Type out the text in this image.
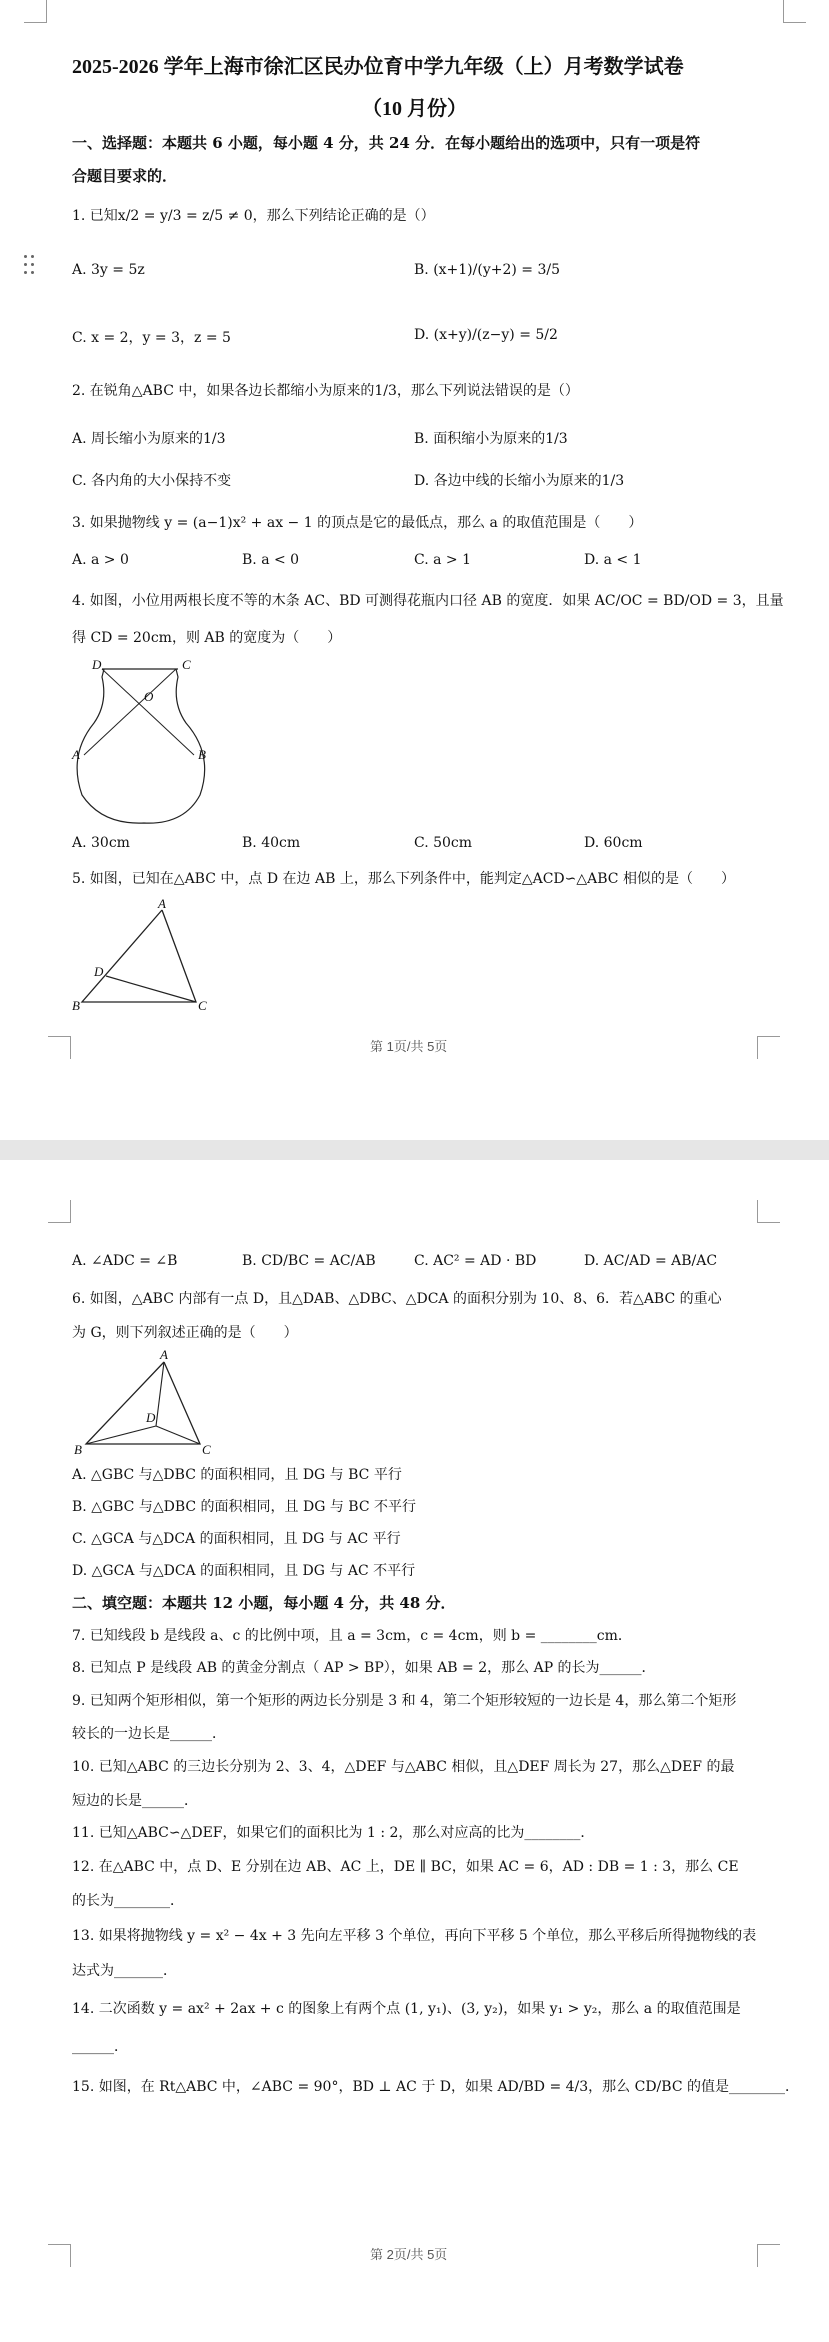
2025-2026 学年上海市徐汇区民办位育中学九年级（上）月考数学试卷
（10 月份）
一、选择题：本题共 6 小题，每小题 4 分，共 24 分．在每小题给出的选项中，只有一项是符
合题目要求的．
1. 已知x/2 = y/3 = z/5 ≠ 0，那么下列结论正确的是（）
A. 3y = 5z	B. (x+1)/(y+2) = 3/5
C. x = 2，y = 3，z = 5	D. (x+y)/(z−y) = 5/2
2. 在锐角△ABC 中，如果各边长都缩小为原来的1/3，那么下列说法错误的是（）
A. 周长缩小为原来的1/3	B. 面积缩小为原来的1/3
C. 各内角的大小保持不变	D. 各边中线的长缩小为原来的1/3
3. 如果抛物线 y = (a−1)x² + ax − 1 的顶点是它的最低点，那么 a 的取值范围是（　　）
A. a > 0	B. a < 0	C. a > 1	D. a < 1
4. 如图，小位用两根长度不等的木条 AC、BD 可测得花瓶内口径 AB 的宽度．如果 AC/OC = BD/OD = 3，且量
得 CD = 20cm，则 AB 的宽度为（　　）
D	C
O
A	B
A. 30cm	B. 40cm	C. 50cm	D. 60cm
5. 如图，已知在△ABC 中，点 D 在边 AB 上，那么下列条件中，能判定△ACD∽△ABC 相似的是（　　）
A
D
B	C
第 1页/共 5页
A. ∠ADC = ∠B	B. CD/BC = AC/AB	C. AC² = AD · BD	D. AC/AD = AB/AC
6. 如图，△ABC 内部有一点 D，且△DAB、△DBC、△DCA 的面积分别为 10、8、6．若△ABC 的重心
为 G，则下列叙述正确的是（　　）
A
D
B	C
A. △GBC 与△DBC 的面积相同，且 DG 与 BC 平行
B. △GBC 与△DBC 的面积相同，且 DG 与 BC 不平行
C. △GCA 与△DCA 的面积相同，且 DG 与 AC 平行
D. △GCA 与△DCA 的面积相同，且 DG 与 AC 不平行
二、填空题：本题共 12 小题，每小题 4 分，共 48 分．
7. 已知线段 b 是线段 a、c 的比例中项，且 a = 3cm，c = 4cm，则 b = ________cm．
8. 已知点 P 是线段 AB 的黄金分割点（ AP > BP），如果 AB = 2，那么 AP 的长为______．
9. 已知两个矩形相似，第一个矩形的两边长分别是 3 和 4，第二个矩形较短的一边长是 4，那么第二个矩形
较长的一边长是______．
10. 已知△ABC 的三边长分别为 2、3、4，△DEF 与△ABC 相似，且△DEF 周长为 27，那么△DEF 的最
短边的长是______．
11. 已知△ABC∽△DEF，如果它们的面积比为 1 : 2，那么对应高的比为________．
12. 在△ABC 中，点 D、E 分别在边 AB、AC 上，DE ∥ BC，如果 AC = 6，AD : DB = 1 : 3，那么 CE
的长为________．
13. 如果将抛物线 y = x² − 4x + 3 先向左平移 3 个单位，再向下平移 5 个单位，那么平移后所得抛物线的表
达式为_______．
14. 二次函数 y = ax² + 2ax + c 的图象上有两个点 (1, y₁)、(3, y₂)，如果 y₁ > y₂，那么 a 的取值范围是
______．
15. 如图，在 Rt△ABC 中，∠ABC = 90°，BD ⊥ AC 于 D，如果 AD/BD = 4/3，那么 CD/BC 的值是________．
第 2页/共 5页
